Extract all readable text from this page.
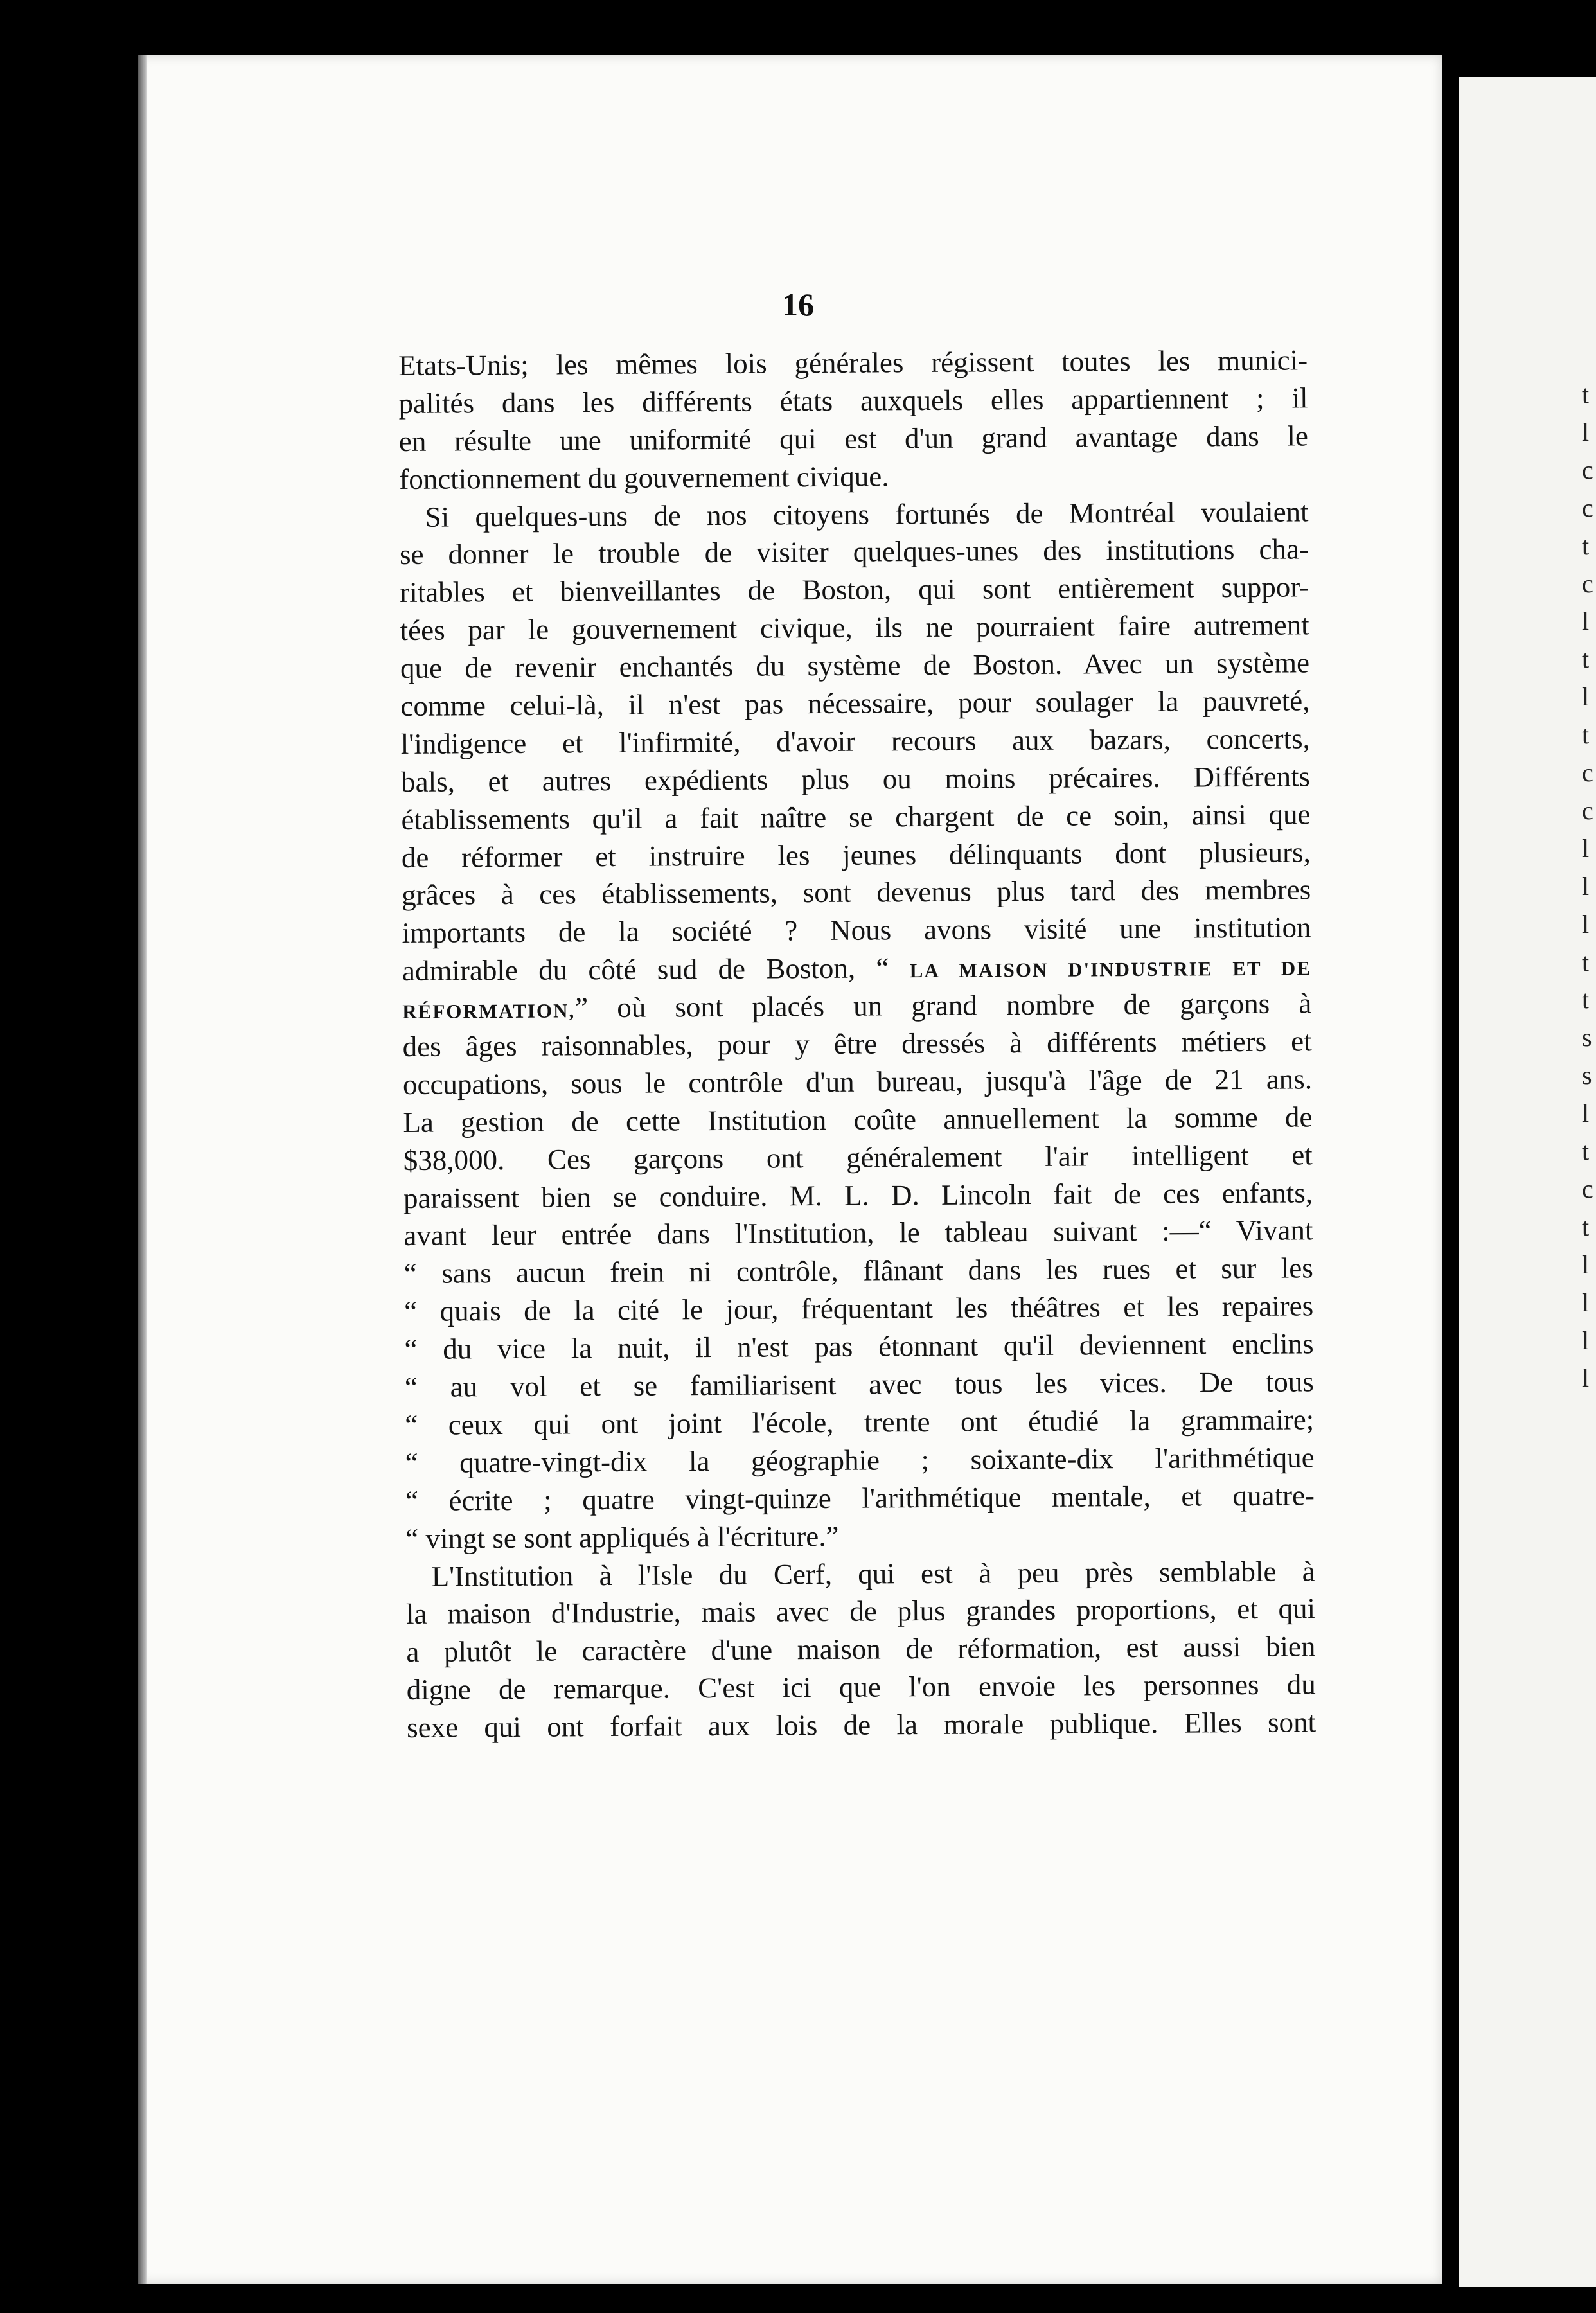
t
l
c
c
t
c
l
t
l
t
c
c
l
l
l
t
t
s
s
l
t
c
t
l
l
l
l
16
Etats-Unis; les mêmes lois générales régissent toutes les munici-
palités dans les différents états auxquels elles appartiennent ; il
en résulte une uniformité qui est d'un grand avantage dans le
fonctionnement du gouvernement civique.
Si quelques-uns de nos citoyens fortunés de Montréal voulaient
se donner le trouble de visiter quelques-unes des institutions cha-
ritables et bienveillantes de Boston, qui sont entièrement suppor-
tées par le gouvernement civique, ils ne pourraient faire autrement
que de revenir enchantés du système de Boston. Avec un système
comme celui-là, il n'est pas nécessaire, pour soulager la pauvreté,
l'indigence et l'infirmité, d'avoir recours aux bazars, concerts,
bals, et autres expédients plus ou moins précaires. Différents
établissements qu'il a fait naître se chargent de ce soin, ainsi que
de réformer et instruire les jeunes délinquants dont plusieurs,
grâces à ces établissements, sont devenus plus tard des membres
importants de la société ? Nous avons visité une institution
admirable du côté sud de Boston, “ LA MAISON D'INDUSTRIE ET DE
RÉFORMATION,” où sont placés un grand nombre de garçons à
des âges raisonnables, pour y être dressés à différents métiers et
occupations, sous le contrôle d'un bureau, jusqu'à l'âge de 21 ans.
La gestion de cette Institution coûte annuellement la somme de
$38,000. Ces garçons ont généralement l'air intelligent et
paraissent bien se conduire. M. L. D. Lincoln fait de ces enfants,
avant leur entrée dans l'Institution, le tableau suivant :—“ Vivant
“ sans aucun frein ni contrôle, flânant dans les rues et sur les
“ quais de la cité le jour, fréquentant les théâtres et les repaires
“ du vice la nuit, il n'est pas étonnant qu'il deviennent enclins
“ au vol et se familiarisent avec tous les vices. De tous
“ ceux qui ont joint l'école, trente ont étudié la grammaire;
“ quatre-vingt-dix la géographie ; soixante-dix l'arithmétique
“ écrite ; quatre vingt-quinze l'arithmétique mentale, et quatre-
“ vingt se sont appliqués à l'écriture.”
L'Institution à l'Isle du Cerf, qui est à peu près semblable à
la maison d'Industrie, mais avec de plus grandes proportions, et qui
a plutôt le caractère d'une maison de réformation, est aussi bien
digne de remarque. C'est ici que l'on envoie les personnes du
sexe qui ont forfait aux lois de la morale publique. Elles sont
